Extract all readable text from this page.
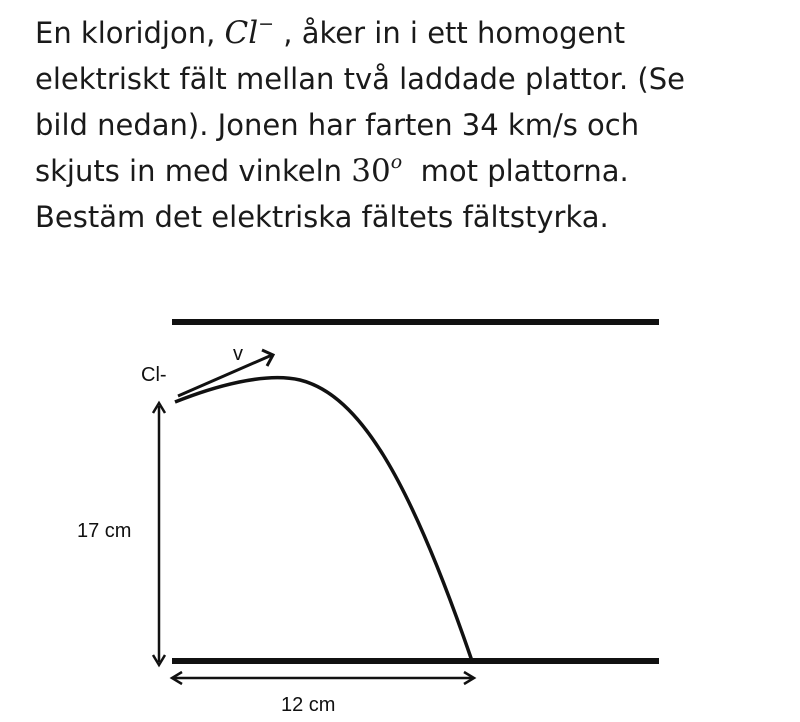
En kloridjon, Cl− , åker in i ett homogent
elektriskt fält mellan två laddade plattor. (Se
bild nedan). Jonen har farten 34 km/s och
skjuts in med vinkeln 30$^o$  mot plattorna.
Bestäm det elektriska fältets fältstyrka.
Cl-
v
17 cm
12 cm
